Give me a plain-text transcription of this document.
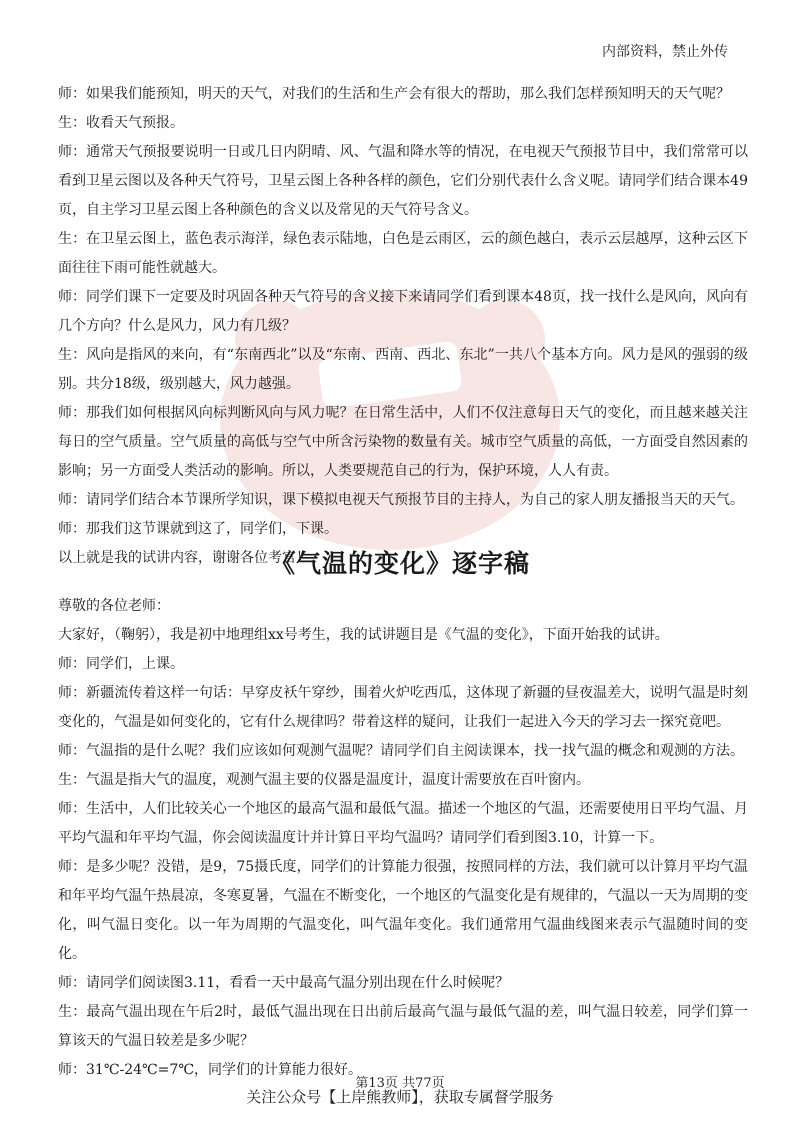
内部资料，禁止外传

师：如果我们能预知，明天的天气，对我们的生活和生产会有很大的帮助，那么我们怎样预知明天的天气呢？

生：收看天气预报。

师：通常天气预报要说明一日或几日内阴晴、风、气温和降水等的情况，在电视天气预报节目中，我们常常可以看到卫星云图以及各种天气符号，卫星云图上各种各样的颜色，它们分别代表什么含义呢。请同学们结合课本49页，自主学习卫星云图上各种颜色的含义以及常见的天气符号含义。

生：在卫星云图上，蓝色表示海洋，绿色表示陆地，白色是云雨区，云的颜色越白，表示云层越厚，这种云区下面往往下雨可能性就越大。

师：同学们课下一定要及时巩固各种天气符号的含义接下来请同学们看到课本48页，找一找什么是风向，风向有几个方向？什么是风力，风力有几级？

生：风向是指风的来向，有“东南西北”以及“东南、西南、西北、东北”一共八个基本方向。风力是风的强弱的级别。共分18级，级别越大，风力越强。

师：那我们如何根据风向标判断风向与风力呢？在日常生活中，人们不仅注意每日天气的变化，而且越来越关注每日的空气质量。空气质量的高低与空气中所含污染物的数量有关。城市空气质量的高低，一方面受自然因素的影响；另一方面受人类活动的影响。所以，人类要规范自己的行为，保护环境，人人有责。

师：请同学们结合本节课所学知识，课下模拟电视天气预报节目的主持人，为自己的家人朋友播报当天的天气。

师：那我们这节课就到这了，同学们，下课。

以上就是我的试讲内容，谢谢各位考官！

《气温的变化》逐字稿

尊敬的各位老师：

大家好，（鞠躬），我是初中地理组xx号考生，我的试讲题目是《气温的变化》，下面开始我的试讲。

师：同学们，上课。

师：新疆流传着这样一句话：早穿皮袄午穿纱，围着火炉吃西瓜，这体现了新疆的昼夜温差大，说明气温是时刻变化的，气温是如何变化的，它有什么规律吗？带着这样的疑问，让我们一起进入今天的学习去一探究竟吧。

师：气温指的是什么呢？我们应该如何观测气温呢？请同学们自主阅读课本，找一找气温的概念和观测的方法。

生：气温是指大气的温度，观测气温主要的仪器是温度计，温度计需要放在百叶窗内。

师：生活中，人们比较关心一个地区的最高气温和最低气温。描述一个地区的气温，还需要使用日平均气温、月平均气温和年平均气温，你会阅读温度计并计算日平均气温吗？请同学们看到图3.10，计算一下。

师：是多少呢？没错，是9，75摄氏度，同学们的计算能力很强，按照同样的方法，我们就可以计算月平均气温和年平均气温午热晨凉，冬寒夏暑，气温在不断变化，一个地区的气温变化是有规律的，气温以一天为周期的变化，叫气温日变化。以一年为周期的气温变化，叫气温年变化。我们通常用气温曲线图来表示气温随时间的变化。

师：请同学们阅读图3.11，看看一天中最高气温分别出现在什么时候呢？

生：最高气温出现在午后2时，最低气温出现在日出前后最高气温与最低气温的差，叫气温日较差，同学们算一算该天的气温日较差是多少呢？

师：31℃-24℃=7℃，同学们的计算能力很好。

第13页 共77页
关注公众号【上岸熊教师】，获取专属督学服务
